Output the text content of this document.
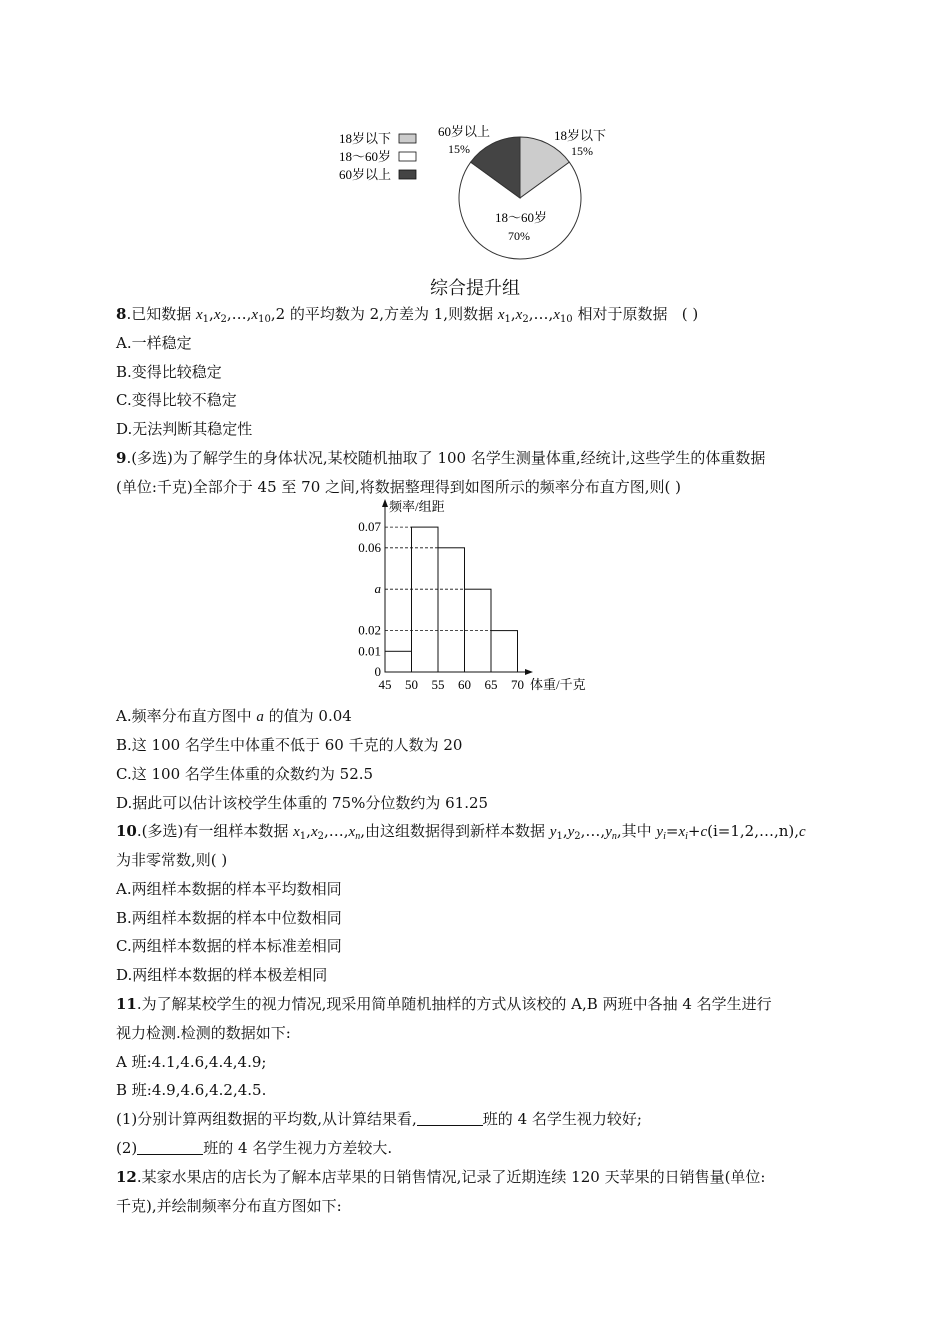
18岁以下
18～60岁
60岁以上
60岁以上
15%
18岁以下
15%
18～60岁
70%
综合提升组
8.已知数据 $x_1,x_2,\dots,x_{10},2$ 的平均数为 2,方差为 1,则数据 $x_1,x_2,\dots,x_{10}$ 相对于原数据 ( )
A.一样稳定
B.变得比较稳定
C.变得比较不稳定
D.无法判断其稳定性
9.(多选)为了解学生的身体状况,某校随机抽取了 100 名学生测量体重,经统计,这些学生的体重数据
(单位:千克)全部介于 45 至 70 之间,将数据整理得到如图所示的频率分布直方图,则( )
频率/组距
体重/千克
45 50 55 60 65 70
0
0.01
0.02
a
0.06
0.07
A.频率分布直方图中 a 的值为 0.04
B.这 100 名学生中体重不低于 60 千克的人数为 20
C.这 100 名学生体重的众数约为 52.5
D.据此可以估计该校学生体重的 75%分位数约为 61.25
10.(多选)有一组样本数据 $x_1,x_2,\dots,x_n$,由这组数据得到新样本数据 $y_1,y_2,\dots,y_n$,其中 $y_i=x_i+c(i=1,2,\dots,n),c$
为非零常数,则( )
A.两组样本数据的样本平均数相同
B.两组样本数据的样本中位数相同
C.两组样本数据的样本标准差相同
D.两组样本数据的样本极差相同
11.为了解某校学生的视力情况,现采用简单随机抽样的方式从该校的 A,B 两班中各抽 4 名学生进行
视力检测.检测的数据如下:
A 班:4.1,4.6,4.4,4.9;
B 班:4.9,4.6,4.2,4.5.
(1)分别计算两组数据的平均数,从计算结果看,	班的 4 名学生视力较好;
(2)	班的 4 名学生视力方差较大.
12.某家水果店的店长为了解本店苹果的日销售情况,记录了近期连续 120 天苹果的日销售量(单位:
千克),并绘制频率分布直方图如下:
